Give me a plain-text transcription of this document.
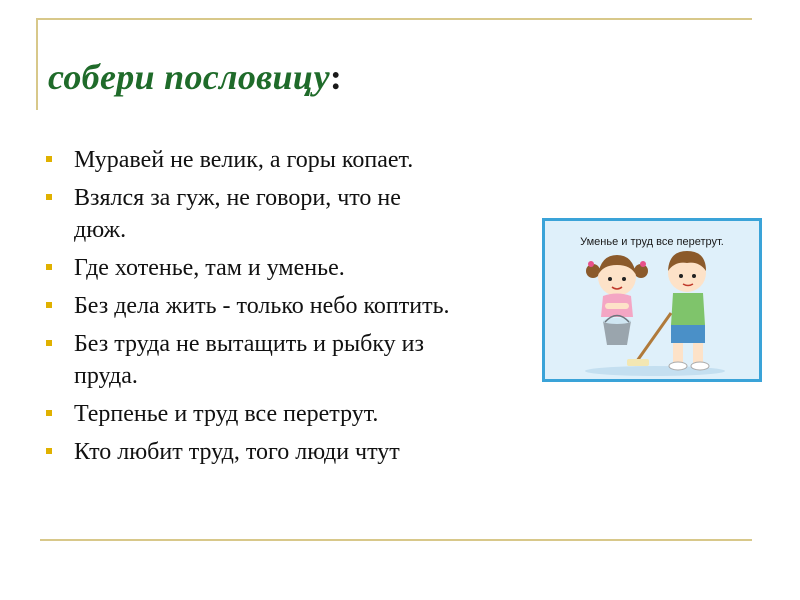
собери пословицу:
Муравей не велик, а горы копает.
Взялся за гуж, не говори, что не
дюж.
Где хотенье, там и уменье.
Без дела жить - только небо коптить.
Без труда не вытащить и рыбку из
пруда.
Терпенье и труд все перетрут.
Кто любит труд, того люди чтут
Уменье и труд все перетрут.
